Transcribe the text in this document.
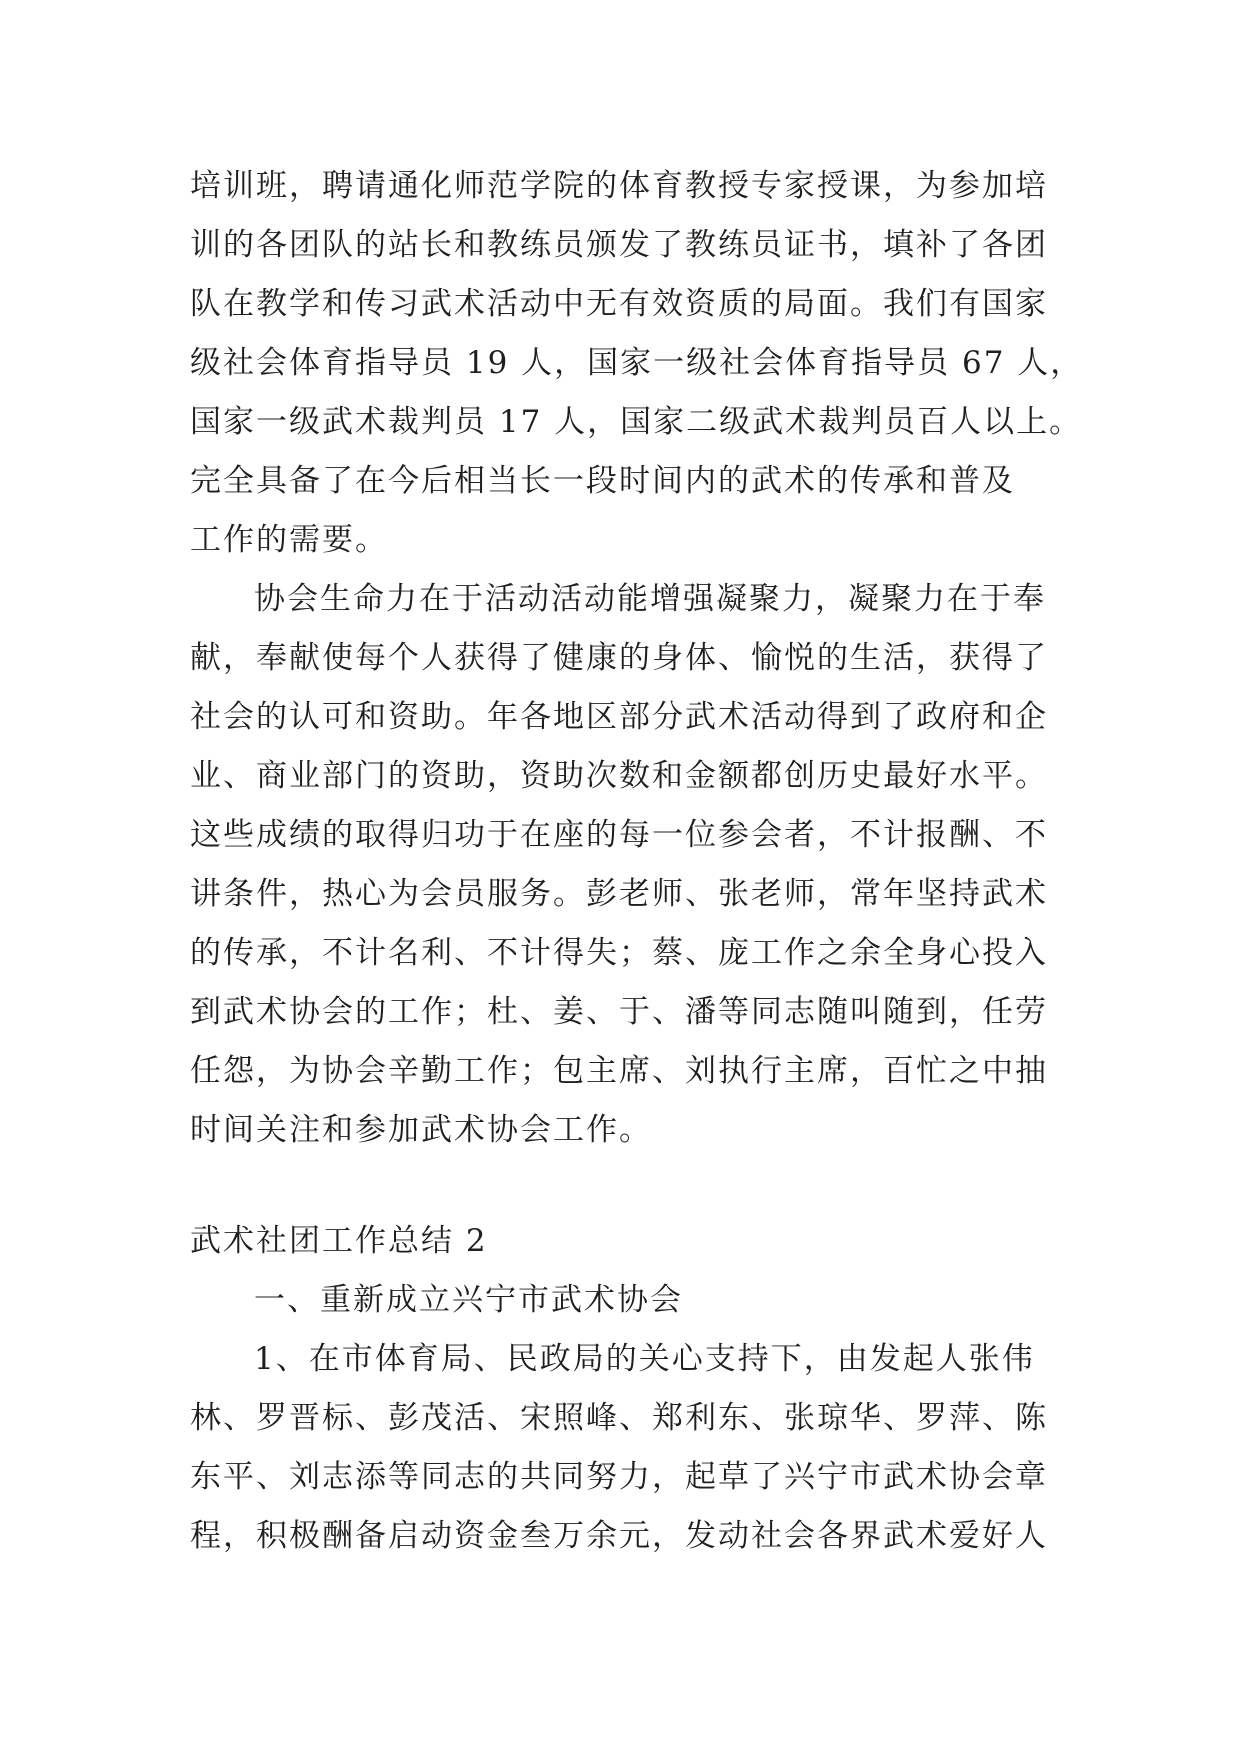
培训班，聘请通化师范学院的体育教授专家授课，为参加培
训的各团队的站长和教练员颁发了教练员证书，填补了各团
队在教学和传习武术活动中无有效资质的局面。我们有国家
级社会体育指导员 19 人，国家一级社会体育指导员 67 人，
国家一级武术裁判员 17 人，国家二级武术裁判员百人以上。
完全具备了在今后相当长一段时间内的武术的传承和普及
工作的需要。
协会生命力在于活动活动能增强凝聚力，凝聚力在于奉
献，奉献使每个人获得了健康的身体、愉悦的生活，获得了
社会的认可和资助。年各地区部分武术活动得到了政府和企
业、商业部门的资助，资助次数和金额都创历史最好水平。
这些成绩的取得归功于在座的每一位参会者，不计报酬、不
讲条件，热心为会员服务。彭老师、张老师，常年坚持武术
的传承，不计名利、不计得失；蔡、庞工作之余全身心投入
到武术协会的工作；杜、姜、于、潘等同志随叫随到，任劳
任怨，为协会辛勤工作；包主席、刘执行主席，百忙之中抽
时间关注和参加武术协会工作。
武术社团工作总结 2
一、重新成立兴宁市武术协会
1、在市体育局、民政局的关心支持下，由发起人张伟
林、罗晋标、彭茂活、宋照峰、郑利东、张琼华、罗萍、陈
东平、刘志添等同志的共同努力，起草了兴宁市武术协会章
程，积极酬备启动资金叁万余元，发动社会各界武术爱好人
